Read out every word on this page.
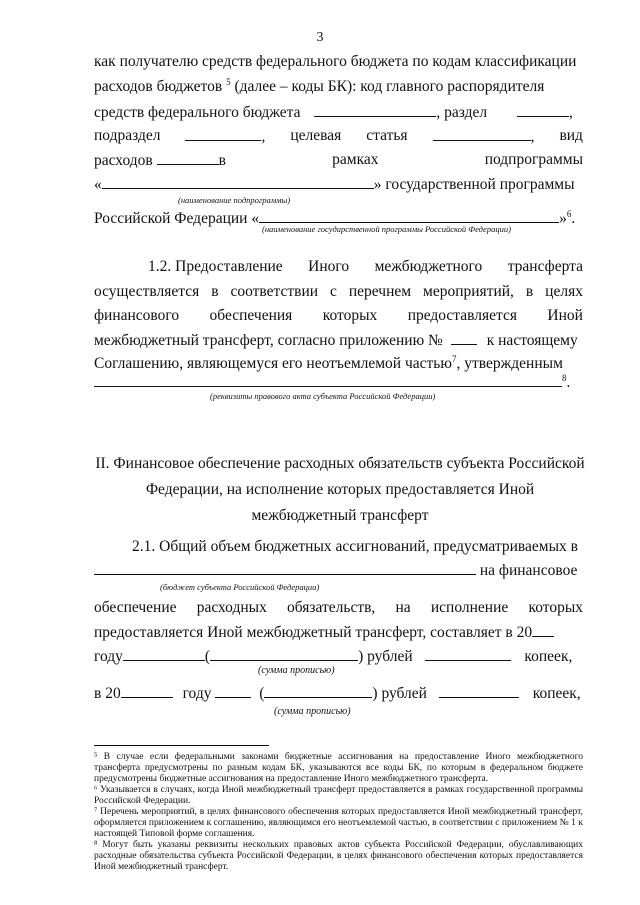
3
как получателю средств федерального бюджета по кодам классификации
расходов бюджетов $^5$ (далее – коды БК): код главного распорядителя
средств федерального бюджета	, раздел	,
подраздел	, целевая статья	, вид
расходов	в	рамках	подпрограммы
«	» государственной программы
(наименование подпрограммы)
Российской Федерации «	»$^6$.
(наименование государственной программы Российской Федерации)
1.2. Предоставление Иного межбюджетного трансферта
осуществляется в соответствии с перечнем мероприятий, в целях
финансового обеспечения которых предоставляется Иной
межбюджетный трансферт, согласно приложению №	к настоящему
Соглашению, являющемуся его неотъемлемой частью$^7$, утвержденным
$^8$.
(реквизиты правового акта субъекта Российской Федерации)
II. Финансовое обеспечение расходных обязательств субъекта Российской
Федерации, на исполнение которых предоставляется Иной
межбюджетный трансферт
2.1. Общий объем бюджетных ассигнований, предусматриваемых в
на финансовое
(бюджет субъекта Российской Федерации)
обеспечение расходных обязательств, на исполнение которых
предоставляется Иной межбюджетный трансферт, составляет в 20
году	(	) рублей	копеек,
(сумма прописью)
в 20	году	(	) рублей	копеек,
(сумма прописью)

⁵ В случае если федеральными законами бюджетные ассигнования на предоставление Иного межбюджетного трансферта предусмотрены по разным кодам БК, указываются все коды БК, по которым в федеральном бюджете предусмотрены бюджетные ассигнования на предоставление Иного межбюджетного трансферта.

⁶ Указывается в случаях, когда Иной межбюджетный трансферт предоставляется в рамках государственной программы Российской Федерации.

⁷ Перечень мероприятий, в целях финансового обеспечения которых предоставляется Иной межбюджетный трансферт, оформляется приложением к соглашению, являющимся его неотъемлемой частью, в соответствии с приложением № 1 к настоящей Типовой форме соглашения.

⁸ Могут быть указаны реквизиты нескольких правовых актов субъекта Российской Федерации, обуславливающих расходные обязательства субъекта Российской Федерации, в целях финансового обеспечения которых предоставляется Иной межбюджетный трансферт.
